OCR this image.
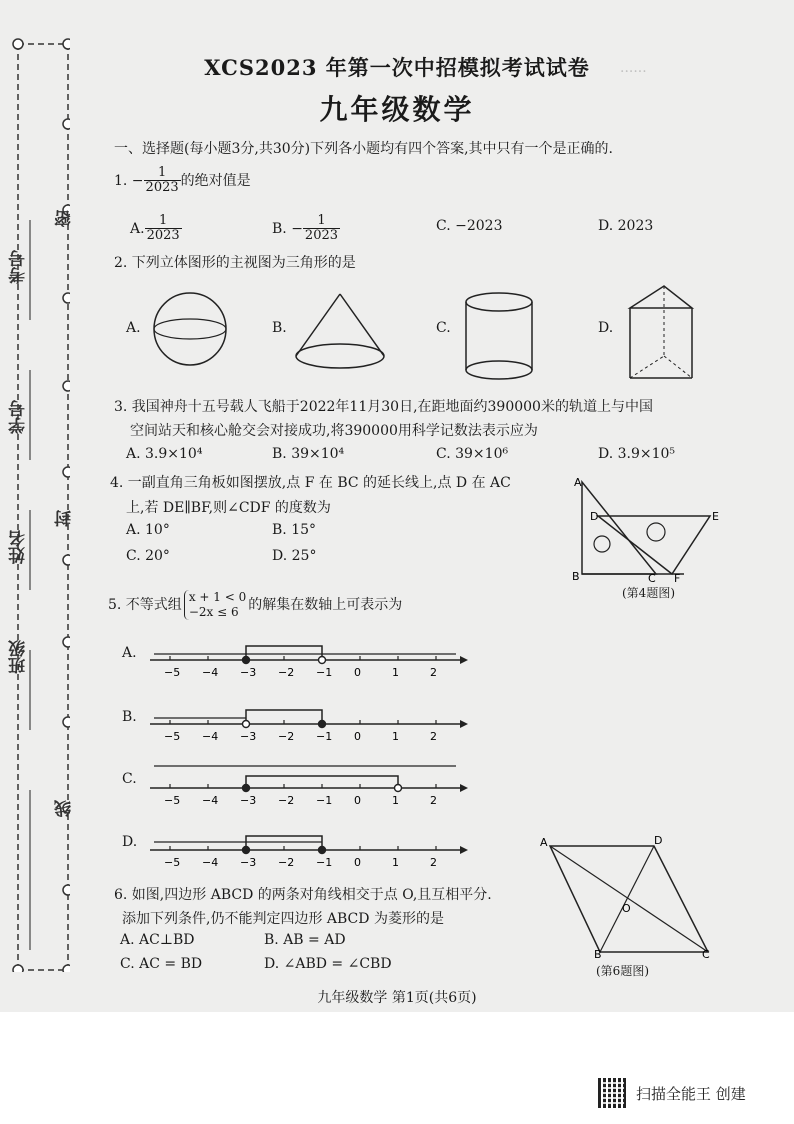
······
考号
学号
姓名
班级
密
封
线
XCS2023 年第一次中招模拟考试试卷
九年级数学
一、选择题(每小题3分,共30分)下列各小题均有四个答案,其中只有一个是正确的.
1. − $\frac{1}{2023}$ 的绝对值是
A. $\frac{1}{2023}$	B. − $\frac{1}{2023}$	C. −2023	D. 2023
2. 下列立体图形的主视图为三角形的是
A.	B.	C.	D.
3. 我国神舟十五号载人飞船于2022年11月30日,在距地面约390000米的轨道上与中国
空间站天和核心舱交会对接成功,将390000用科学记数法表示应为
A. 3.9×10⁴	B. 39×10⁴	C. 39×10⁶	D. 3.9×10⁵
4. 一副直角三角板如图摆放,点 F 在 BC 的延长线上,点 D 在 AC
上,若 DE∥BF,则∠CDF 的度数为
A. 10°	B. 15°
C. 20°	D. 25°
A
D	E
B	C F
(第4题图)
5. 不等式组 x + 1 < 0
−2x ≤ 6 的解集在数轴上可表示为
A.
−5 −4 −3 −2 −1 0	1	2
B.
−5 −4 −3 −2 −1 0	1	2
C.
−5 −4 −3 −2 −1 0	1	2
D.
−5 −4 −3 −2 −1 0	1	2
6. 如图,四边形 ABCD 的两条对角线相交于点 O,且互相平分.
添加下列条件,仍不能判定四边形 ABCD 为菱形的是
A. AC⊥BD	B. AB = AD
C. AC = BD	D. ∠ABD = ∠CBD
A	D
O
B	C
(第6题图)
九年级数学 第1页(共6页)
扫描全能王 创建
